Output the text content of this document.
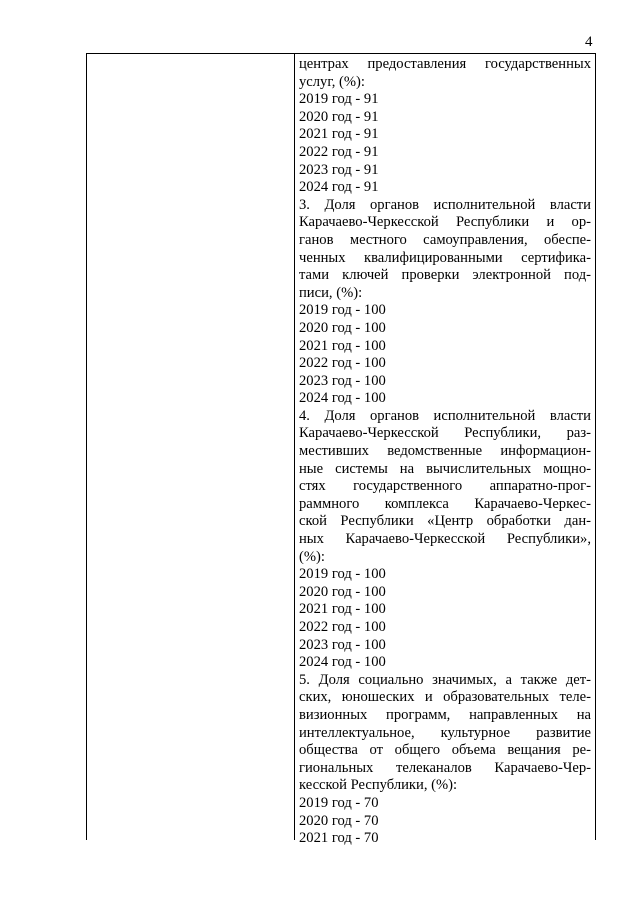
4
центрах предоставления государственных
услуг, (%):
2019 год - 91
2020 год - 91
2021 год - 91
2022 год - 91
2023 год - 91
2024 год - 91
3. Доля органов исполнительной власти
Карачаево-Черкесской Республики и ор-
ганов местного самоуправления, обеспе-
ченных квалифицированными сертифика-
тами ключей проверки электронной под-
писи, (%):
2019 год - 100
2020 год - 100
2021 год - 100
2022 год - 100
2023 год - 100
2024 год - 100
4. Доля органов исполнительной власти
Карачаево-Черкесской Республики, раз-
местивших ведомственные информацион-
ные системы на вычислительных мощно-
стях государственного аппаратно-прог-
раммного комплекса Карачаево-Черкес-
ской Республики «Центр обработки дан-
ных Карачаево-Черкесской Республики»,
(%):
2019 год - 100
2020 год - 100
2021 год - 100
2022 год - 100
2023 год - 100
2024 год - 100
5. Доля социально значимых, а также дет-
ских, юношеских и образовательных теле-
визионных программ, направленных на
интеллектуальное, культурное развитие
общества от общего объема вещания ре-
гиональных телеканалов Карачаево-Чер-
кесской Республики, (%):
2019 год - 70
2020 год - 70
2021 год - 70
